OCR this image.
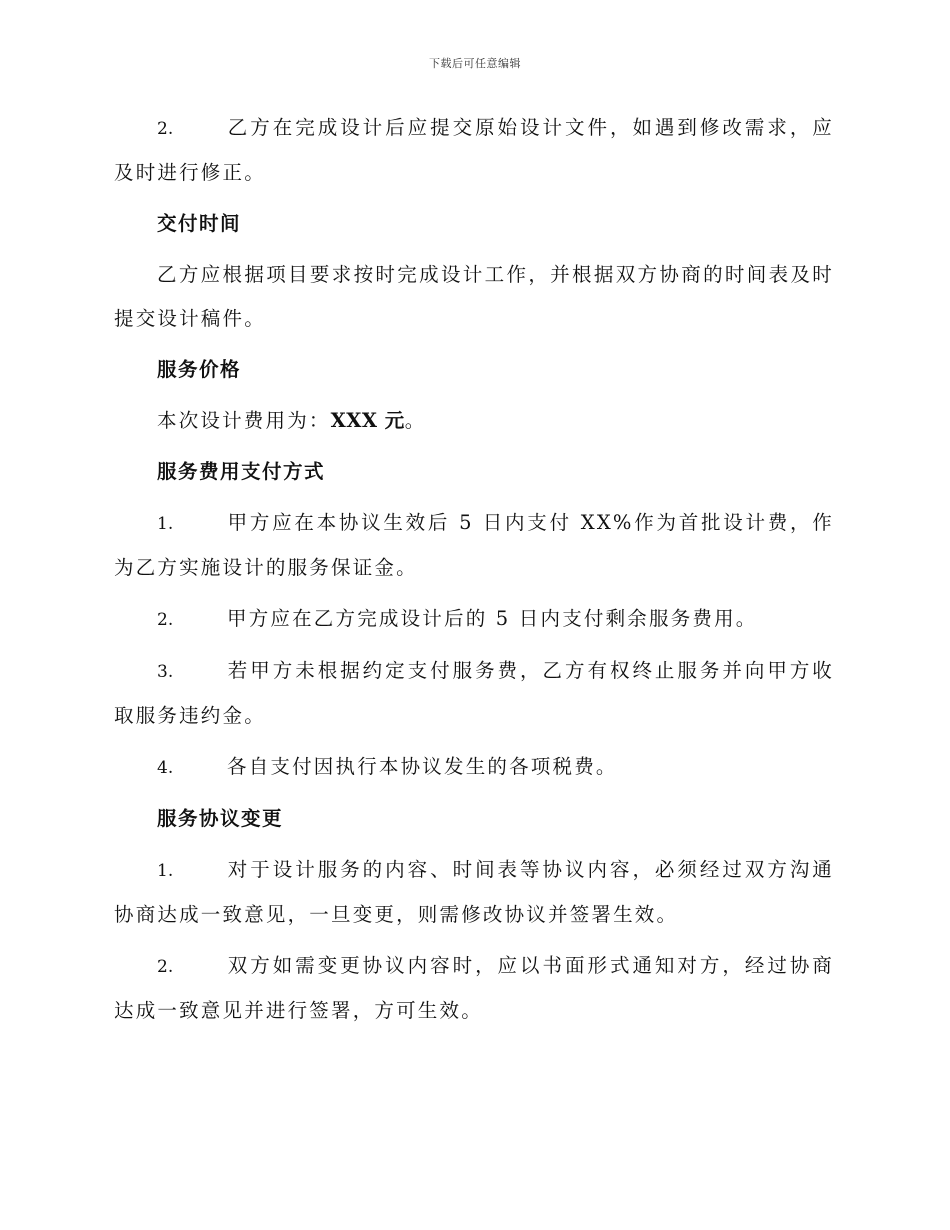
下载后可任意编辑

2.	乙方在完成设计后应提交原始设计文件，如遇到修改需求，应及时进行修正。

交付时间

乙方应根据项目要求按时完成设计工作，并根据双方协商的时间表及时提交设计稿件。

服务价格

本次设计费用为：XXX 元。

服务费用支付方式

1.	甲方应在本协议生效后 5 日内支付 XX%作为首批设计费，作为乙方实施设计的服务保证金。

2.	甲方应在乙方完成设计后的 5 日内支付剩余服务费用。

3.	若甲方未根据约定支付服务费，乙方有权终止服务并向甲方收取服务违约金。

4.	各自支付因执行本协议发生的各项税费。

服务协议变更

1.	对于设计服务的内容、时间表等协议内容，必须经过双方沟通协商达成一致意见，一旦变更，则需修改协议并签署生效。

2.	双方如需变更协议内容时，应以书面形式通知对方，经过协商达成一致意见并进行签署，方可生效。
